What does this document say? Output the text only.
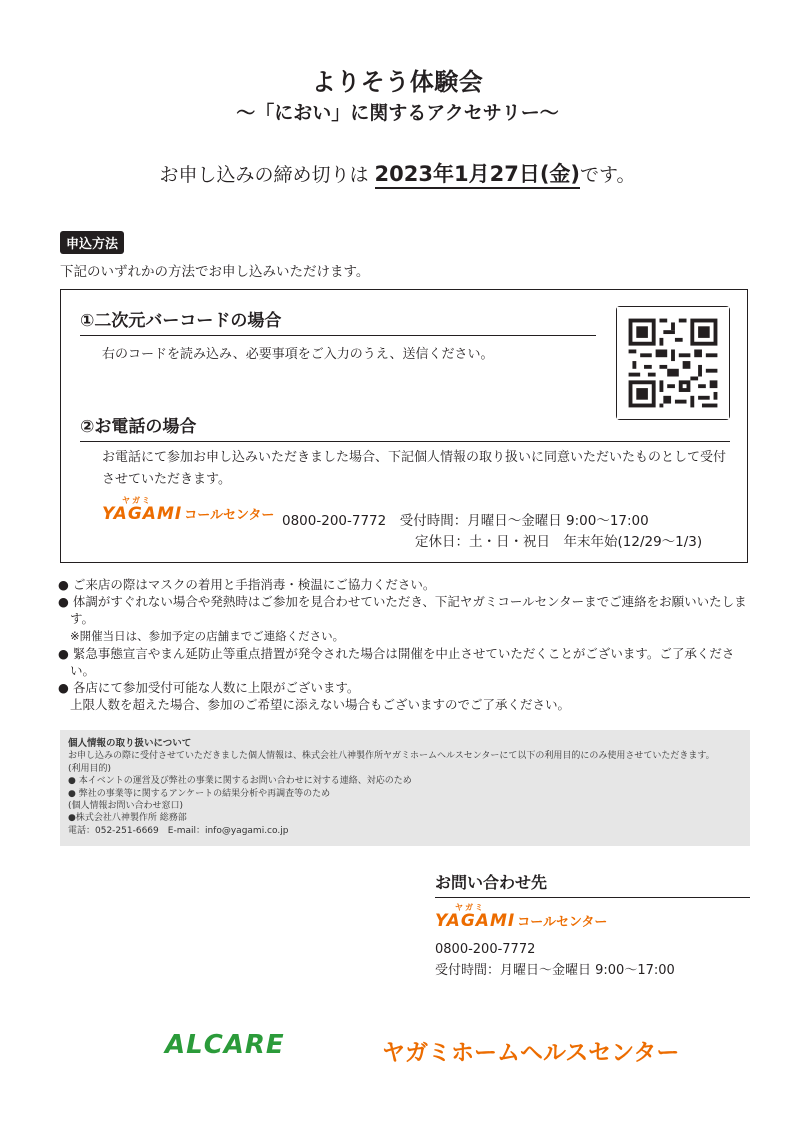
よりそう体験会
〜「におい」に関するアクセサリー〜
お申し込みの締め切りは 2023年1月27日(金)です。
申込方法
下記のいずれかの方法でお申し込みいただけます。
①二次元バーコードの場合
右のコードを読み込み、必要事項をご入力のうえ、送信ください。
②お電話の場合
お電話にて参加お申し込みいただきました場合、下記個人情報の取り扱いに同意いただいたものとして受付させていただきます。
ヤガミ
YAGAMI コールセンター 0800-200-7772　受付時間：月曜日〜金曜日 9:00〜17:00
定休日：土・日・祝日　年末年始(12/29〜1/3)
● ご来店の際はマスクの着用と手指消毒・検温にご協力ください。
● 体調がすぐれない場合や発熱時はご参加を見合わせていただき、下記ヤガミコールセンターまでご連絡をお願いいたします。
※開催当日は、参加予定の店舗までご連絡ください。
● 緊急事態宣言やまん延防止等重点措置が発令された場合は開催を中止させていただくことがございます。ご了承ください。
● 各店にて参加受付可能な人数に上限がございます。
上限人数を超えた場合、参加のご希望に添えない場合もございますのでご了承ください。
個人情報の取り扱いについて
お申し込みの際に受付させていただきました個人情報は、株式会社八神製作所ヤガミホームヘルスセンターにて以下の利用目的にのみ使用させていただきます。
(利用目的)
● 本イベントの運営及び弊社の事業に関するお問い合わせに対する連絡、対応のため
● 弊社の事業等に関するアンケートの結果分析や再調査等のため
(個人情報お問い合わせ窓口)
●株式会社八神製作所 総務部
電話：052-251-6669　E-mail：info@yagami.co.jp
お問い合わせ先
ヤガミ
YAGAMI コールセンター
0800-200-7772
受付時間：月曜日〜金曜日 9:00〜17:00
ALCARE	ヤガミホームヘルスセンター
